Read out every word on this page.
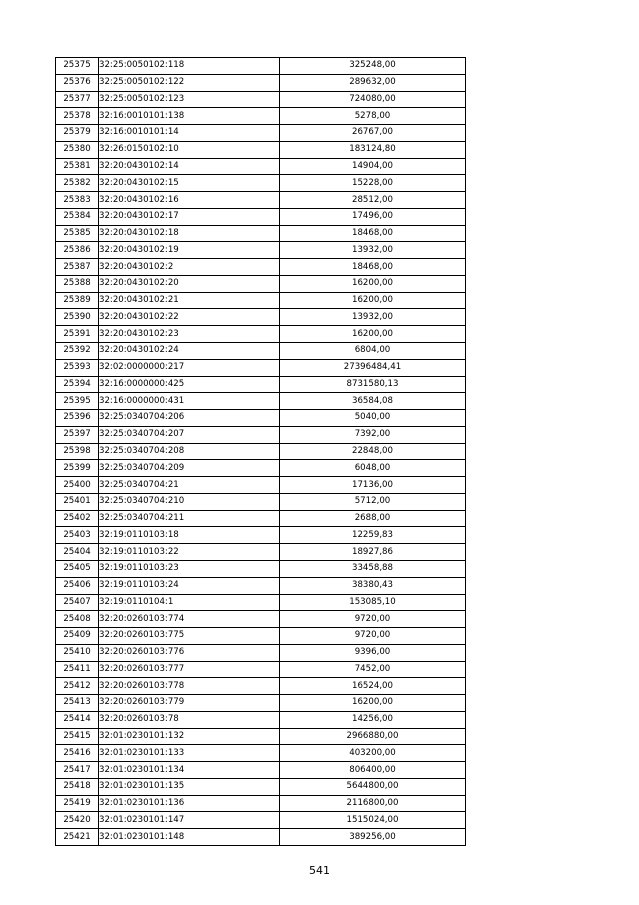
25375	32:25:0050102:118	325248,00
25376	32:25:0050102:122	289632,00
25377	32:25:0050102:123	724080,00
25378	32:16:0010101:138	5278,00
25379	32:16:0010101:14	26767,00
25380	32:26:0150102:10	183124,80
25381	32:20:0430102:14	14904,00
25382	32:20:0430102:15	15228,00
25383	32:20:0430102:16	28512,00
25384	32:20:0430102:17	17496,00
25385	32:20:0430102:18	18468,00
25386	32:20:0430102:19	13932,00
25387	32:20:0430102:2	18468,00
25388	32:20:0430102:20	16200,00
25389	32:20:0430102:21	16200,00
25390	32:20:0430102:22	13932,00
25391	32:20:0430102:23	16200,00
25392	32:20:0430102:24	6804,00
25393	32:02:0000000:217	27396484,41
25394	32:16:0000000:425	8731580,13
25395	32:16:0000000:431	36584,08
25396	32:25:0340704:206	5040,00
25397	32:25:0340704:207	7392,00
25398	32:25:0340704:208	22848,00
25399	32:25:0340704:209	6048,00
25400	32:25:0340704:21	17136,00
25401	32:25:0340704:210	5712,00
25402	32:25:0340704:211	2688,00
25403	32:19:0110103:18	12259,83
25404	32:19:0110103:22	18927,86
25405	32:19:0110103:23	33458,88
25406	32:19:0110103:24	38380,43
25407	32:19:0110104:1	153085,10
25408	32:20:0260103:774	9720,00
25409	32:20:0260103:775	9720,00
25410	32:20:0260103:776	9396,00
25411	32:20:0260103:777	7452,00
25412	32:20:0260103:778	16524,00
25413	32:20:0260103:779	16200,00
25414	32:20:0260103:78	14256,00
25415	32:01:0230101:132	2966880,00
25416	32:01:0230101:133	403200,00
25417	32:01:0230101:134	806400,00
25418	32:01:0230101:135	5644800,00
25419	32:01:0230101:136	2116800,00
25420	32:01:0230101:147	1515024,00
25421	32:01:0230101:148	389256,00
541
